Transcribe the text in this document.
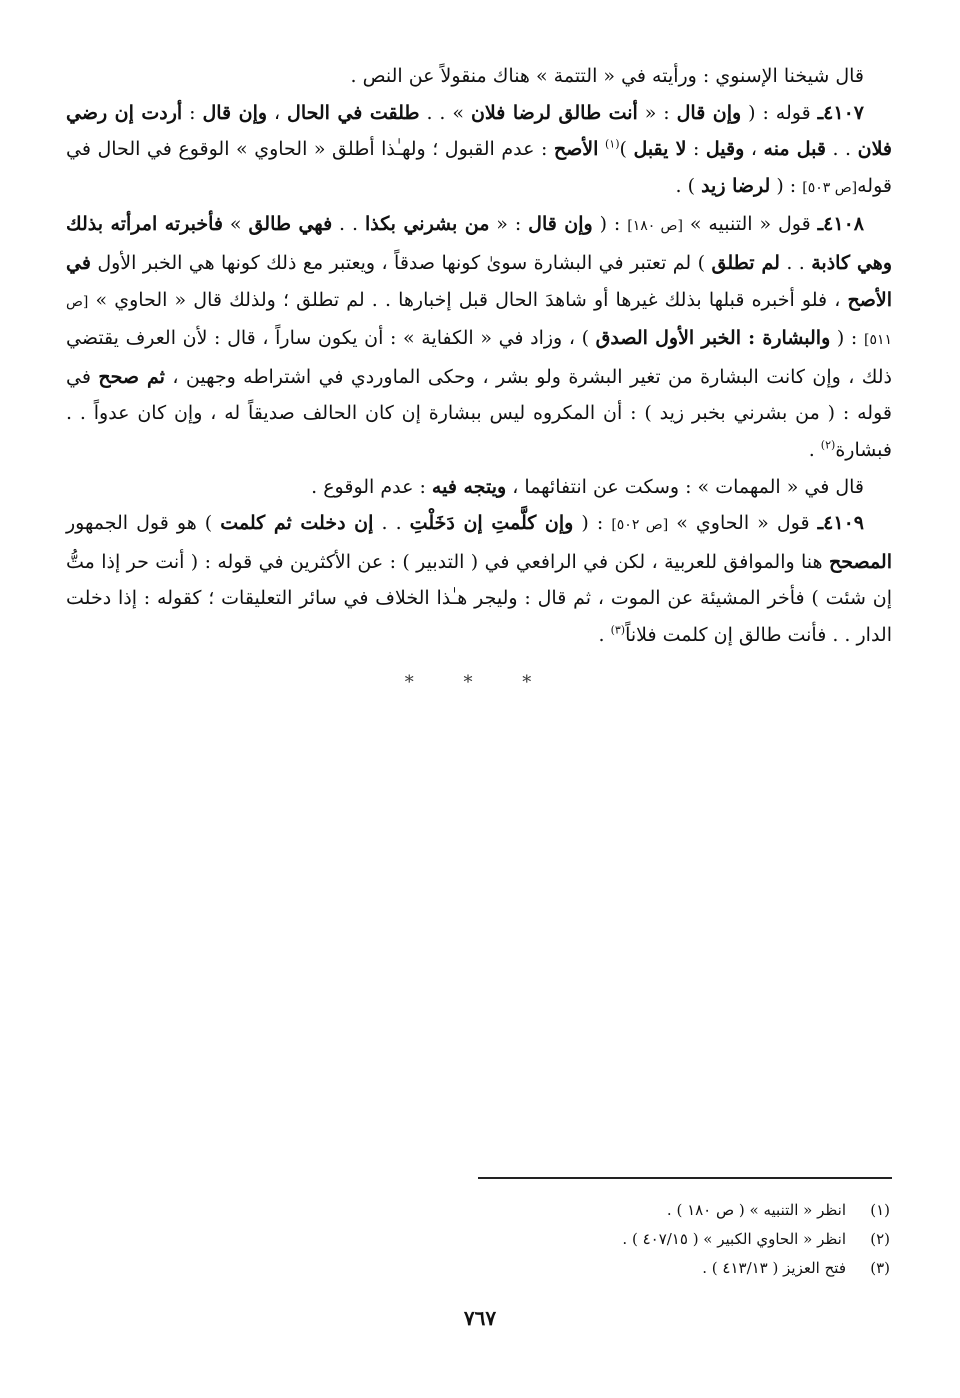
قال شيخنا الإسنوي : ورأيته في « التتمة » هناك منقولاً عن النص .

٤١٠٧ـ قوله : ( وإن قال : « أنت طالق لرضا فلان » . . طلقت في الحال ، وإن قال : أردت إن رضي فلان . . قبل منه ، وقيل : لا يقبل )$^{(١)}$ الأصح : عدم القبول ؛ ولهـٰذا أطلق « الحاوي » الوقوع في الحال في قوله[ص ٥٠٣] : ( لرضا زيد ) .

٤١٠٨ـ قول « التنبيه » [ص ١٨٠] : ( وإن قال : « من بشرني بكذا . . فهي طالق » فأخبرته امرأته بذلك وهي كاذبة . . لم تطلق ) لم تعتبر في البشارة سوىٰ كونها صدقاً ، ويعتبر مع ذلك كونها هي الخبر الأول في الأصح ، فلو أخبره قبلها بذلك غيرها أو شاهدَ الحال قبل إخبارها . . لم تطلق ؛ ولذلك قال « الحاوي » [ص ٥١١] : ( والبشارة : الخبر الأول الصدق ) ، وزاد في « الكفاية » : أن يكون ساراً ، قال : لأن العرف يقتضي ذلك ، وإن كانت البشارة من تغير البشرة ولو بشر ، وحكى الماوردي في اشتراطه وجهين ، ثم صحح في قوله : ( من بشرني بخبر زيد ) : أن المكروه ليس ببشارة إن كان الحالف صديقاً له ، وإن كان عدواً . . فبشارة$^{(٢)}$ .

قال في « المهمات » : وسكت عن انتفائهما ، ويتجه فيه : عدم الوقوع .

٤١٠٩ـ قول « الحاوي » [ص ٥٠٢] : ( وإن كلَّمتِ إن دَخَلْتِ . . إن دخلت ثم كلمت ) هو قول الجمهور المصحح هنا والموافق للعربية ، لكن في الرافعي في ( التدبير ) : عن الأكثرين في قوله : ( أنت حر إذا متُّ إن شئت ) فأخر المشيئة عن الموت ، ثم قال : وليجر هـٰذا الخلاف في سائر التعليقات ؛ كقوله : إذا دخلت الدار . . فأنت طالق إن كلمت فلاناً$^{(٣)}$ .

* * *
(١)
انظر « التنبيه » ( ص ١٨٠ ) .
(٢)
انظر « الحاوي الكبير » ( ٤٠٧/١٥ ) .
(٣)
فتح العزيز ( ٤١٣/١٣ ) .
٧٦٧
